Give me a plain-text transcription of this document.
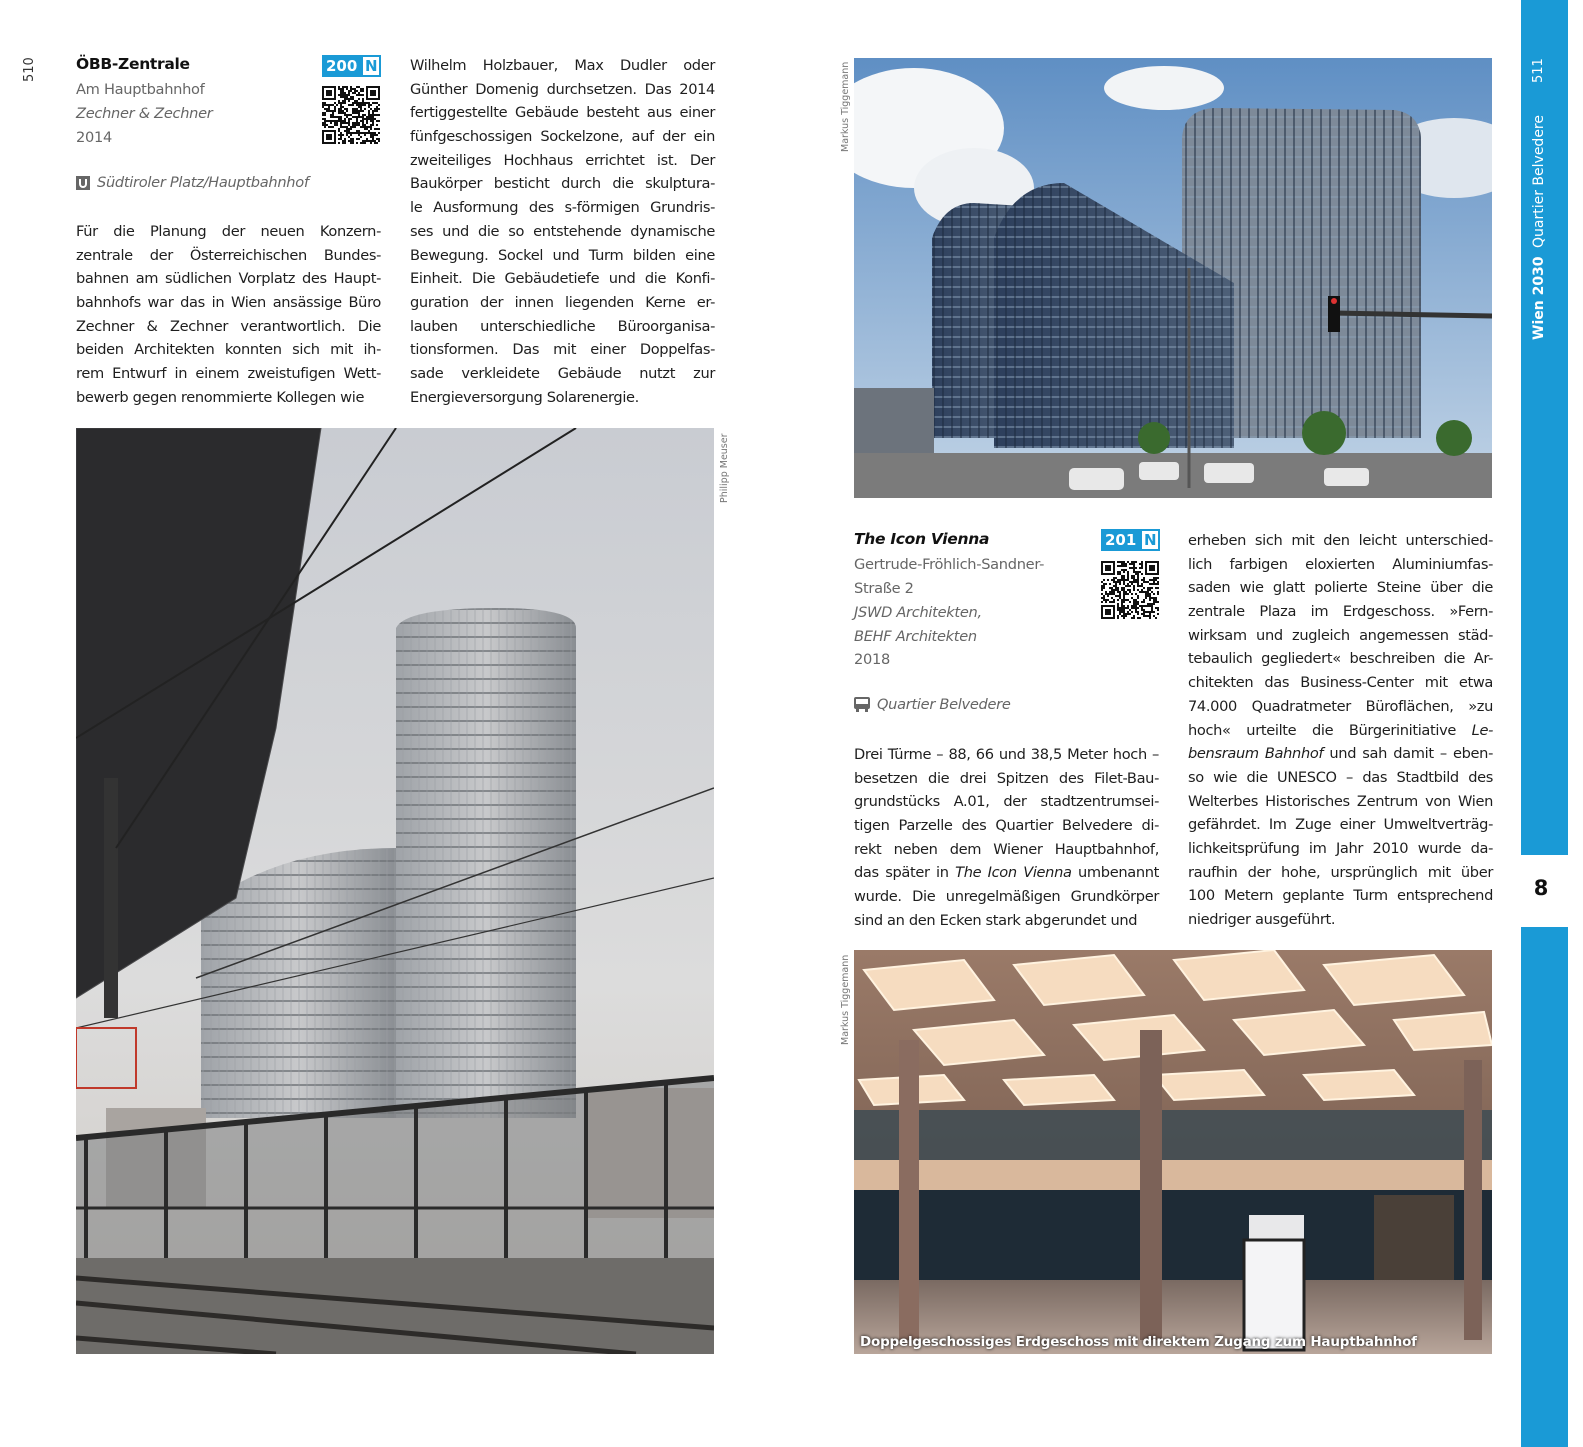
510	ÖBB-Zentrale
Am Hauptbahnhof
Zechner & Zechner
2014
200 N
Südtiroler Platz/Hauptbahnhof
Für die Planung der neuen Konzern-
zentrale der Österreichischen Bundes-
bahnen am südlichen Vorplatz des Haupt-
bahnhofs war das in Wien ansässige Büro
Zechner & Zechner verantwortlich. Die
beiden Architekten konnten sich mit ih-
rem Entwurf in einem zweistufigen Wett-
bewerb gegen renommierte Kollegen wie
Wilhelm Holzbauer, Max Dudler oder
Günther Domenig durchsetzen. Das 2014
fertiggestellte Gebäude besteht aus einer
fünfgeschossigen Sockelzone, auf der ein
zweiteiliges Hochhaus errichtet ist. Der
Baukörper besticht durch die skulptura-
le Ausformung des s-förmigen Grundris-
ses und die so entstehende dynamische
Bewegung. Sockel und Turm bilden eine
Einheit. Die Gebäudetiefe und die Konfi-
guration der innen liegenden Kerne er-
lauben unterschiedliche Büroorganisa-
tionsformen. Das mit einer Doppelfas-
sade verkleidete Gebäude nutzt zur
Energieversorgung Solarenergie.
Philipp Meuser
Markus Tiggemann
The Icon Vienna
Gertrude-Fröhlich-Sandner-
Straße 2
JSWD Architekten,
BEHF Architekten
2018
201 N
Quartier Belvedere
Drei Türme – 88, 66 und 38,5 Meter hoch –
besetzen die drei Spitzen des Filet-Bau-
grundstücks A.01, der stadtzentrumsei-
tigen Parzelle des Quartier Belvedere di-
rekt neben dem Wiener Hauptbahnhof,
das später in The Icon Vienna umbenannt
wurde. Die unregelmäßigen Grundkörper
sind an den Ecken stark abgerundet und
erheben sich mit den leicht unterschied-
lich farbigen eloxierten Aluminiumfas-
saden wie glatt polierte Steine über die
zentrale Plaza im Erdgeschoss. »Fern-
wirksam und zugleich angemessen städ-
tebaulich gegliedert« beschreiben die Ar-
chitekten das Business-Center mit etwa
74.000 Quadratmeter Büroflächen, »zu
hoch« urteilte die Bürgerinitiative Le-
bensraum Bahnhof und sah damit – eben-
so wie die UNESCO – das Stadtbild des
Welterbes Historisches Zentrum von Wien
gefährdet. Im Zuge einer Umweltverträg-
lichkeitsprüfung im Jahr 2010 wurde da-
raufhin der hohe, ursprünglich mit über
100 Metern geplante Turm entsprechend
niedriger ausgeführt.
Markus Tiggemann
Doppelgeschossiges Erdgeschoss mit direktem Zugang zum Hauptbahnhof
511
Quartier Belvedere
Wien 2030
8
